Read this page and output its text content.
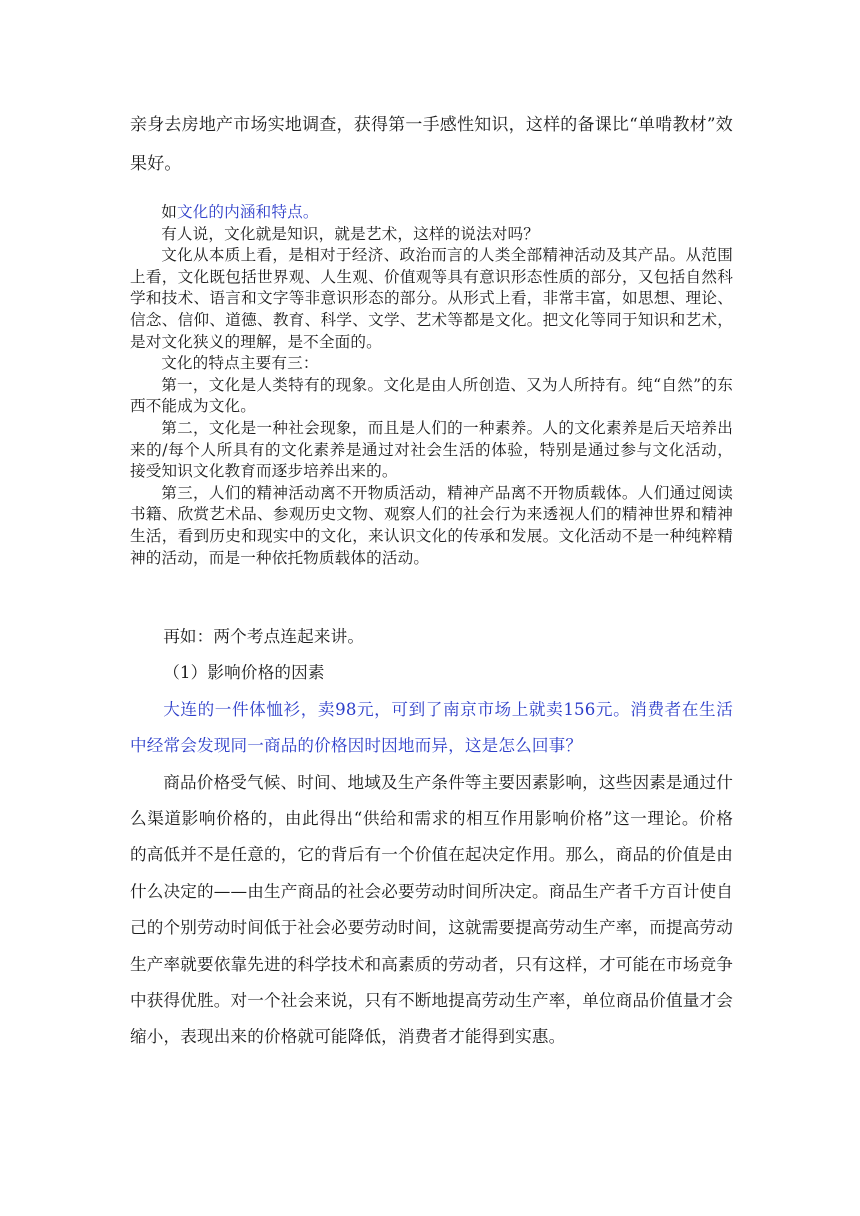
亲身去房地产市场实地调查，获得第一手感性知识，这样的备课比“单啃教材”效果好。

如文化的内涵和特点。

有人说，文化就是知识，就是艺术，这样的说法对吗？

文化从本质上看，是相对于经济、政治而言的人类全部精神活动及其产品。从范围上看，文化既包括世界观、人生观、价值观等具有意识形态性质的部分，又包括自然科学和技术、语言和文字等非意识形态的部分。从形式上看，非常丰富，如思想、理论、信念、信仰、道德、教育、科学、文学、艺术等都是文化。把文化等同于知识和艺术，是对文化狭义的理解，是不全面的。

文化的特点主要有三：

第一，文化是人类特有的现象。文化是由人所创造、又为人所持有。纯“自然”的东西不能成为文化。

第二，文化是一种社会现象，而且是人们的一种素养。人的文化素养是后天培养出来的/每个人所具有的文化素养是通过对社会生活的体验，特别是通过参与文化活动，接受知识文化教育而逐步培养出来的。

第三，人们的精神活动离不开物质活动，精神产品离不开物质载体。人们通过阅读书籍、欣赏艺术品、参观历史文物、观察人们的社会行为来透视人们的精神世界和精神生活，看到历史和现实中的文化，来认识文化的传承和发展。文化活动不是一种纯粹精神的活动，而是一种依托物质载体的活动。

再如：两个考点连起来讲。

（1）影响价格的因素

大连的一件体恤衫，卖98元，可到了南京市场上就卖156元。消费者在生活中经常会发现同一商品的价格因时因地而异，这是怎么回事？

商品价格受气候、时间、地域及生产条件等主要因素影响，这些因素是通过什么渠道影响价格的，由此得出“供给和需求的相互作用影响价格”这一理论。价格的高低并不是任意的，它的背后有一个价值在起决定作用。那么，商品的价值是由什么决定的——由生产商品的社会必要劳动时间所决定。商品生产者千方百计使自己的个别劳动时间低于社会必要劳动时间，这就需要提高劳动生产率，而提高劳动生产率就要依靠先进的科学技术和高素质的劳动者，只有这样，才可能在市场竞争中获得优胜。对一个社会来说，只有不断地提高劳动生产率，单位商品价值量才会缩小，表现出来的价格就可能降低，消费者才能得到实惠。
